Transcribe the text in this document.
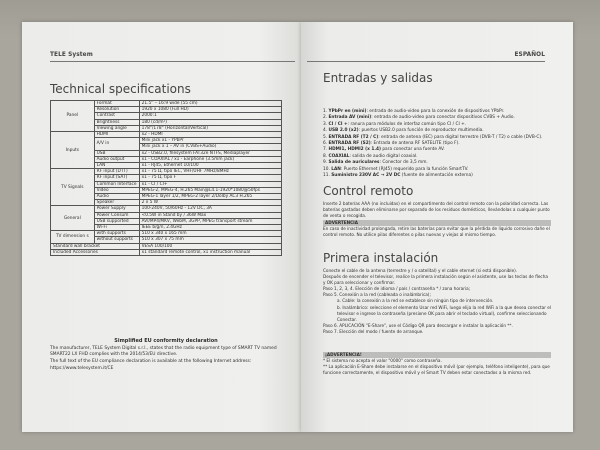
TELE System
Technical specifications
Panel	Format	21.5'' – 16:9 wide (55 cm)
	Resolution	1920 x 1080 (Full HD)
	Contrast	2000:1
	Brightness	180 (cd/m²)
	Viewing angle	178°/178° (Horizontal/Vertical)
Inputs	HDMI	x2 - HDMI
	A/V in	Mini jack x1 - YPbPr
		Mini jack x 1 – AV in (CVBS+Audio)
	USB	x2 - USB2.0, filesystem FAT32e NTFS, Mediaplayer
	Audio output	x1 - COAXIAL / x1 - Earphone (3.5mm jack)
	LAN	x1 - RJ45, Ethernet 10/100
TV Signals	RF input (DTT)	x1 - 75 Ω, tipo IEC, VHF/UHF 7MHz/8MHz
	RF input (SAT)	x1 - 75 Ω, tipo F
	Common Interface	x1 - CI / CI+
	Video	MPEG-2, MPEG-4, H.265 Main@L4.1-1920*1080@50fps
	Audio	MPEG-1 layer 1/2, MPEG-2 layer 2/Dolby AC3 H.265
	Speaker	2 x 5 W
General	Power Supply	100-240V, 50/60Hz - 12V DC, 3A
	Power Consum	<0.5W in Stand by / 36W Max
	USB supported	AVI/MP4/MKV, WebM, 3GPP, MPEG transport stream
	Wi-Fi	IEEE b/g/n, 2.4GHz
TV dimension s	with supports	510 x 340 x 165 mm
	without supports	510 x 307 x 75 mm
Standard wall bracket		VESA 100/100
Included Accessories		x1 standard remote control, x1 instruction manual
Simplified EU conformity declaration

The manufacturer, TELE System Digital s.r.l., states that the radio equipment type of SMART TV named SMART22 LX FHD complies with the 2014/53/EU directive.

The full text of the EU compliance declaration is available at the following Internet address: https://www.telesystem.it/CE

ESPAÑOL
Entradas y salidas
1. YPbPr en (mini): entrada de audio-video para la conexión de dispositivos YPbPr.
2. Entrada AV (mini): entrada de audio-video para conectar dispositivos CVBS + Audio.
3. CI / CI +: ranura para módulos de interfaz común tipo CI / CI +.
4. USB 2.0 (x2): puertos USB2.0 para función de reproductor multimedia.
5. ENTRADA RF (T2 / C): entrada de antena (IEC) para digital terrestre (DVB-T / T2) o cable (DVB-C).
6. ENTRADA RF (S2): Entrada de antena RF SATELITE (tipo F).
7. HDMI1, HDMI2 (x 1.4) para conectar una fuente AV.
8. COAXIAL: salida de audio digital coaxial.
9. Salida de auriculares: Conector de 3,5 mm.
10. LAN: Puerto Ethernet (RJ45) requerido para la función SmartTV.
11. Suministro 230V AC → 2V DC (fuente de alimentación externa)
Control remoto
Inserte 2 baterías AAA (no incluidas) en el compartimento del control remoto con la polaridad correcta. Las baterías gastadas deben eliminarse por separado de los residuos domésticos, llevándolas a cualquier punto de venta o recogida.
ADVERTENCIA
En caso de inactividad prolongada, retire las baterías para evitar que la pérdida de líquido corrosivo dañe el control remoto. No utilice pilas diferentes o pilas nuevas y viejas al mismo tiempo.
Primera instalación

Conecte el cable de la antena (terrestre y / o satelital) y el cable eternet (si está disponible).

Después de encender el televisor, realice la primera instalación según el asistente, use las teclas de flecha y OK para seleccionar y confirmar.

Paso 1, 2, 3, 4. Elección de idioma / país / contraseña * / zona horaria;

Paso 5. Conexión a la red (cableada o inalámbrica);

a. Cable: la conexión a la red se establece sin ningún tipo de intervención.

b. Inalámbrico: seleccione el elemento Usar red WiFi, luego elija la red WiFi a la que desea conectar el televisor e ingrese la contraseña (presione OK para abrir el teclado virtual), confirme seleccionando Conectar.

Paso 6. APLICACIÓN "E-Share", use el Código QR para descargar e instalar la aplicación **.

Paso 7. Elección del modo / fuente de arranque.

¡ADVERTENCIA!
* El sistema no acepta el valor "0000" como contraseña.
** La aplicación E-Share debe instalarse en el dispositivo móvil (por ejemplo, teléfono inteligente), para que funcione correctamente, el dispositivo móvil y el Smart TV deben estar conectados a la misma red.
